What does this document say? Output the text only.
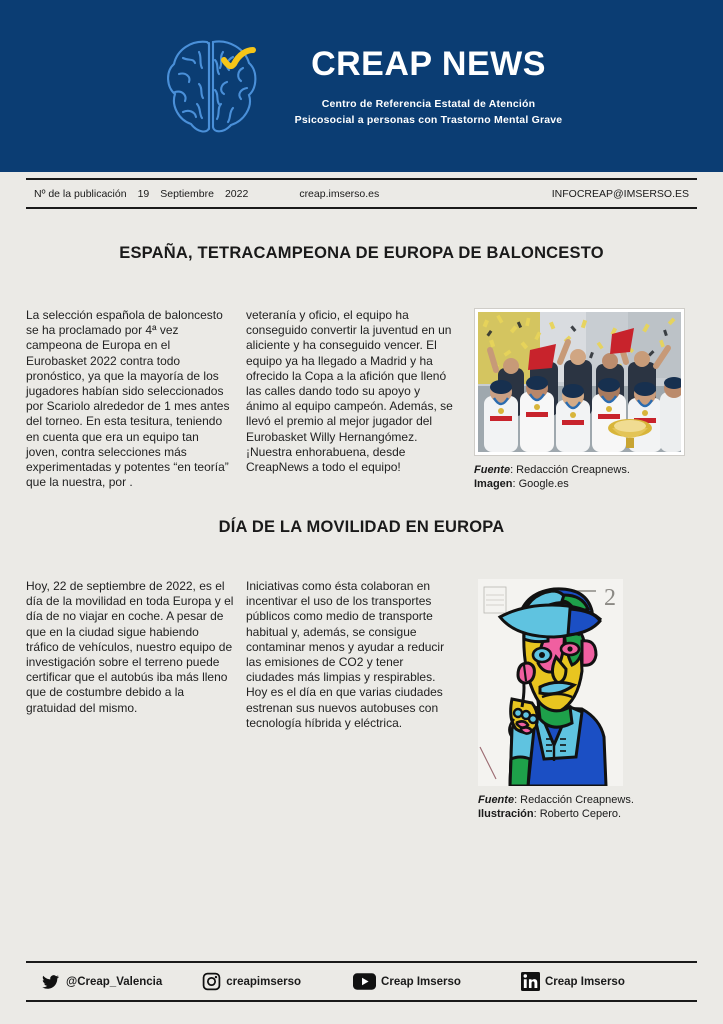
CREAP NEWS
Centro de Referencia Estatal de Atención
Psicosocial a personas con Trastorno Mental Grave
Nº de la publicación 19 Septiembre 2022	creap.imserso.es	INFOCREAP@IMSERSO.ES
ESPAÑA, TETRACAMPEONA DE EUROPA DE BALONCESTO

La selección española de baloncesto se ha proclamado por 4ª vez campeona de Europa en el Eurobasket 2022 contra todo pronóstico, ya que la mayoría de los jugadores habían sido seleccionados por Scariolo alrededor de 1 mes antes del torneo. En esta tesitura, teniendo en cuenta que era un equipo tan joven, contra selecciones más experimentadas y potentes “en teoría” que la nuestra, por .

veteranía y oficio, el equipo ha conseguido convertir la juventud en un aliciente y ha conseguido vencer. El equipo ya ha llegado a Madrid y ha ofrecido la Copa a la afición que llenó las calles dando todo su apoyo y ánimo al equipo campeón. Además, se llevó el premio al mejor jugador del Eurobasket Willy Hernangómez. ¡Nuestra enhorabuena, desde CreapNews a todo el equipo!	Fuente: Redacción Creapnews.
Imagen: Google.es
DÍA DE LA MOVILIDAD EN EUROPA

Hoy, 22 de septiembre de 2022, es el día de la movilidad en toda Europa y el día de no viajar en coche. A pesar de que en la ciudad sigue habiendo tráfico de vehículos, nuestro equipo de investigación sobre el terreno puede certificar que el autobús iba más lleno que de costumbre debido a la gratuidad del mismo.

Iniciativas como ésta colaboran en incentivar el uso de los transportes públicos como medio de transporte habitual y, además, se consigue contaminar menos y ayudar a reducir las emisiones de CO2 y tener ciudades más limpias y respirables. Hoy es el día en que varias ciudades estrenan sus nuevos autobuses con tecnología híbrida y eléctrica.

2
Fuente: Redacción Creapnews.
Ilustración: Roberto Cepero.
@Creap_Valencia	creapimserso	Creap Imserso	Creap Imserso
